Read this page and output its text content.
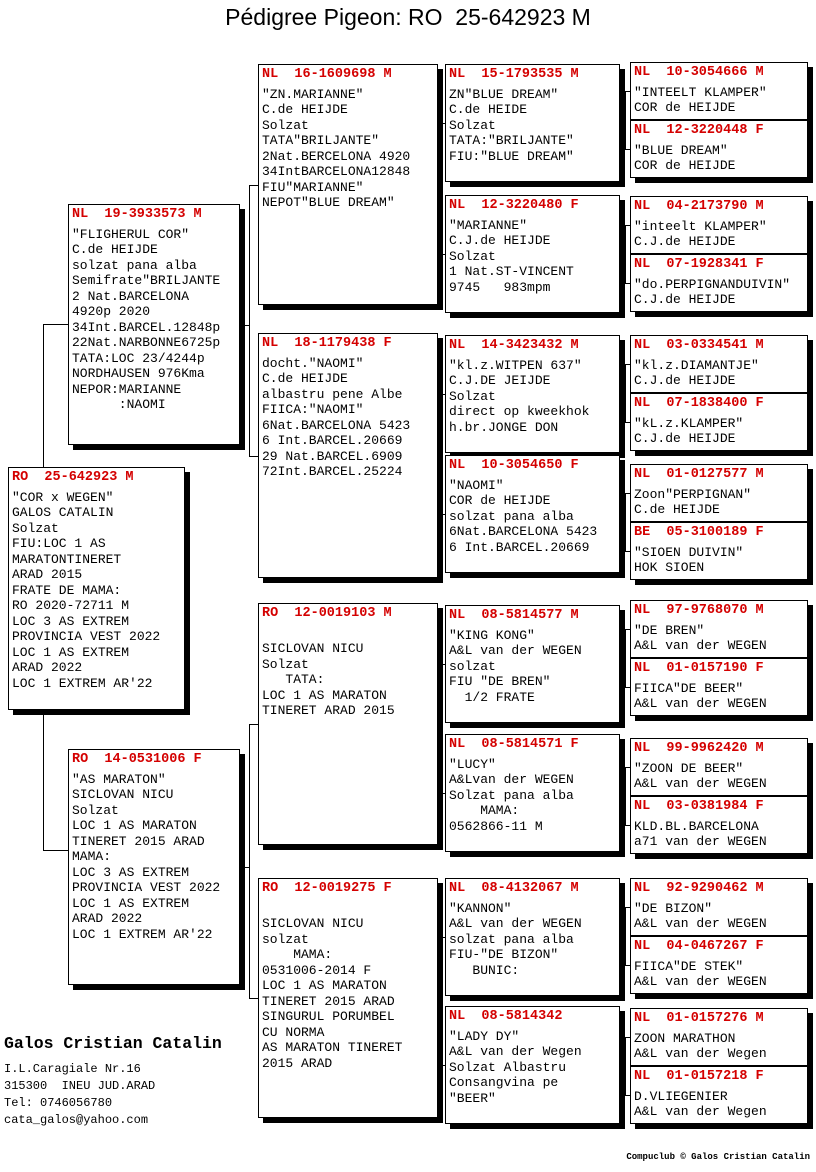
Pédigree Pigeon: RO  25-642923 M
RO  25-642923 M
"COR x WEGEN"
GALOS CATALIN
Solzat
FIU:LOC 1 AS
MARATONTINERET
ARAD 2015
FRATE DE MAMA:
RO 2020-72711 M
LOC 3 AS EXTREM
PROVINCIA VEST 2022
LOC 1 AS EXTREM
ARAD 2022
LOC 1 EXTREM AR'22
NL  19-3933573 M
"FLIGHERUL COR"
C.de HEIJDE
solzat pana alba
Semifrate"BRILJANTE
2 Nat.BARCELONA
4920p 2020
34Int.BARCEL.12848p
22Nat.NARBONNE6725p
TATA:LOC 23/4244p
NORDHAUSEN 976Kma
NEPOR:MARIANNE
:NAOMI
RO  14-0531006 F
"AS MARATON"
SICLOVAN NICU
Solzat
LOC 1 AS MARATON
TINERET 2015 ARAD
MAMA:
LOC 3 AS EXTREM
PROVINCIA VEST 2022
LOC 1 AS EXTREM
ARAD 2022
LOC 1 EXTREM AR'22
NL  16-1609698 M
"ZN.MARIANNE"
C.de HEIJDE
Solzat
TATA"BRILJANTE"
2Nat.BERCELONA 4920
34IntBARCELONA12848
FIU"MARIANNE"
NEPOT"BLUE DREAM"
NL  18-1179438 F
docht."NAOMI"
C.de HEIJDE
albastru pene Albe
FIICA:"NAOMI"
6Nat.BARCELONA 5423
6 Int.BARCEL.20669
29 Nat.BARCEL.6909
72Int.BARCEL.25224
RO  12-0019103 M

SICLOVAN NICU
Solzat
TATA:
LOC 1 AS MARATON
TINERET ARAD 2015
RO  12-0019275 F

SICLOVAN NICU
solzat
MAMA:
0531006-2014 F
LOC 1 AS MARATON
TINERET 2015 ARAD
SINGURUL PORUMBEL
CU NORMA
AS MARATON TINERET
2015 ARAD
NL  15-1793535 M
ZN"BLUE DREAM"
C.de HEIDE
Solzat
TATA:"BRILJANTE"
FIU:"BLUE DREAM"
NL  12-3220480 F
"MARIANNE"
C.J.de HEIJDE
Solzat
1 Nat.ST-VINCENT
9745   983mpm
NL  14-3423432 M
"kl.z.WITPEN 637"
C.J.DE JEIJDE
Solzat
direct op kweekhok
h.br.JONGE DON
NL  10-3054650 F
"NAOMI"
COR de HEIJDE
solzat pana alba
6Nat.BARCELONA 5423
6 Int.BARCEL.20669
NL  08-5814577 M
"KING KONG"
A&L van der WEGEN
solzat
FIU "DE BREN"
1/2 FRATE
NL  08-5814571 F
"LUCY"
A&Lvan der WEGEN
Solzat pana alba
MAMA:
0562866-11 M
NL  08-4132067 M
"KANNON"
A&L van der WEGEN
solzat pana alba
FIU-"DE BIZON"
BUNIC:
NL  08-5814342
"LADY DY"
A&L van der Wegen
Solzat Albastru
Consangvina pe
"BEER"
NL  10-3054666 M
"INTEELT KLAMPER"
COR de HEIJDE
NL  12-3220448 F
"BLUE DREAM"
COR de HEIJDE
NL  04-2173790 M
"inteelt KLAMPER"
C.J.de HEIJDE
NL  07-1928341 F
"do.PERPIGNANDUIVIN"
C.J.de HEIJDE
NL  03-0334541 M
"kl.z.DIAMANTJE"
C.J.de HEIJDE
NL  07-1838400 F
"kL.z.KLAMPER"
C.J.de HEIJDE
NL  01-0127577 M
Zoon"PERPIGNAN"
C.de HEIJDE
BE  05-3100189 F
"SIOEN DUIVIN"
HOK SIOEN
NL  97-9768070 M
"DE BREN"
A&L van der WEGEN
NL  01-0157190 F
FIICA"DE BEER"
A&L van der WEGEN
NL  99-9962420 M
"ZOON DE BEER"
A&L van der WEGEN
NL  03-0381984 F
KLD.BL.BARCELONA
a71 van der WEGEN
NL  92-9290462 M
"DE BIZON"
A&L van der WEGEN
NL  04-0467267 F
FIICA"DE STEK"
A&L van der WEGEN
NL  01-0157276 M
ZOON MARATHON
A&L van der Wegen
NL  01-0157218 F
D.VLIEGENIER
A&L van der Wegen
Galos Cristian Catalin
I.L.Caragiale Nr.16
315300  INEU JUD.ARAD
Tel: 0746056780
cata_galos@yahoo.com
Compuclub © Galos Cristian Catalin
